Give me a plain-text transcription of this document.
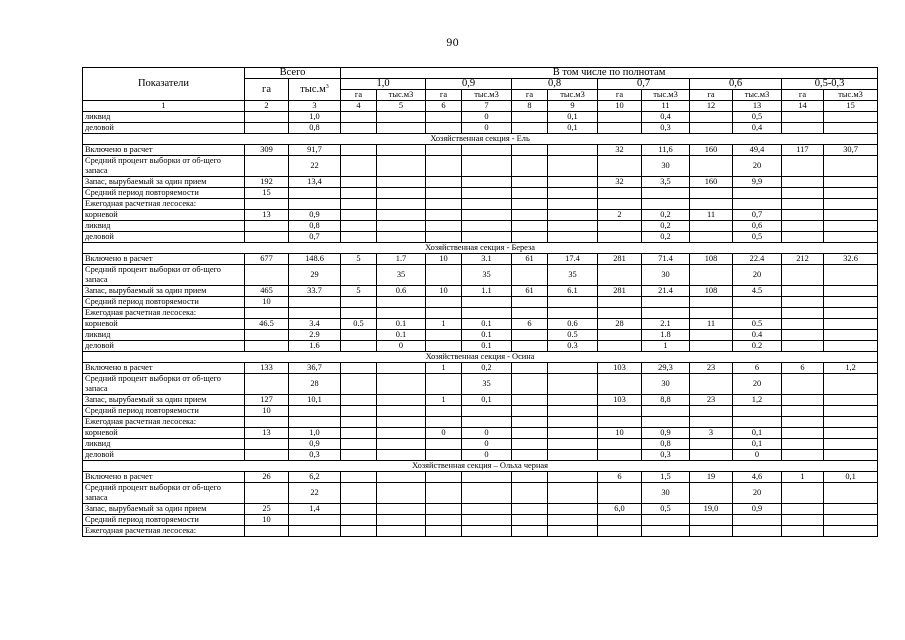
90
Показатели	Всего		В том числе по полнотам											
	га	$тыс.м^3$	1,0		0,9		0,8		0,7		0,6		0,5-0,3	
			га	тыс.м3	га	тыс.м3	га	тыс.м3	га	тыс.м3	га	тыс.м3	га	тыс.м3
1	2	3	4	5	6	7	8	9	10	11	12	13	14	15
ликвид		1,0				0		0,1		0,4		0,5		
деловой		0,8				0		0,1		0,3		0,4		
Хозяйственная секция - Ель														
Включено в расчет	309	91,7							32	11,6	160	49,4	117	30,7
Средний процент выборки от об-щего запаса		22								30		20		
Запас, вырубаемый за один прием	192	13,4							32	3,5	160	9,9		
Средний период повторяемости	15													
Ежегодная расчетная лесосека:														
корневой	13	0,9							2	0,2	11	0,7		
ликвид		0,8								0,2		0,6		
деловой		0,7								0,2		0,5		
Хозяйственная секция - Береза														
Включено в расчет	677	148.6	5	1.7	10	3.1	61	17.4	281	71.4	108	22.4	212	32.6
Средний процент выборки от об-щего запаса		29		35		35		35		30		20		
Запас, вырубаемый за один прием	465	33.7	5	0.6	10	1.1	61	6.1	281	21.4	108	4.5		
Средний период повторяемости	10													
Ежегодная расчетная лесосека:														
корневой	46.5	3.4	0.5	0.1	1	0.1	6	0.6	28	2.1	11	0.5		
ликвид		2.9		0.1		0.1		0.5		1.8		0.4		
деловой		1.6		0		0.1		0.3		1		0.2		
Хозяйственная секция - Осина														
Включено в расчет	133	36,7			1	0,2			103	29,3	23	6	6	1,2
Средний процент выборки от об-щего запаса		28				35				30		20		
Запас, вырубаемый за один прием	127	10,1			1	0,1			103	8,8	23	1,2		
Средний период повторяемости	10													
Ежегодная расчетная лесосека:														
корневой	13	1,0			0	0			10	0,9	3	0,1		
ликвид		0,9				0				0,8		0,1		
деловой		0,3				0				0,3		0		
Хозяйственная секция – Ольха черная														
Включено в расчет	26	6,2							6	1,5	19	4,6	1	0,1
Средний процент выборки от об-щего запаса		22								30		20		
Запас, вырубаемый за один прием	25	1,4							6,0	0,5	19,0	0,9		
Средний период повторяемости	10													
Ежегодная расчетная лесосека:														
